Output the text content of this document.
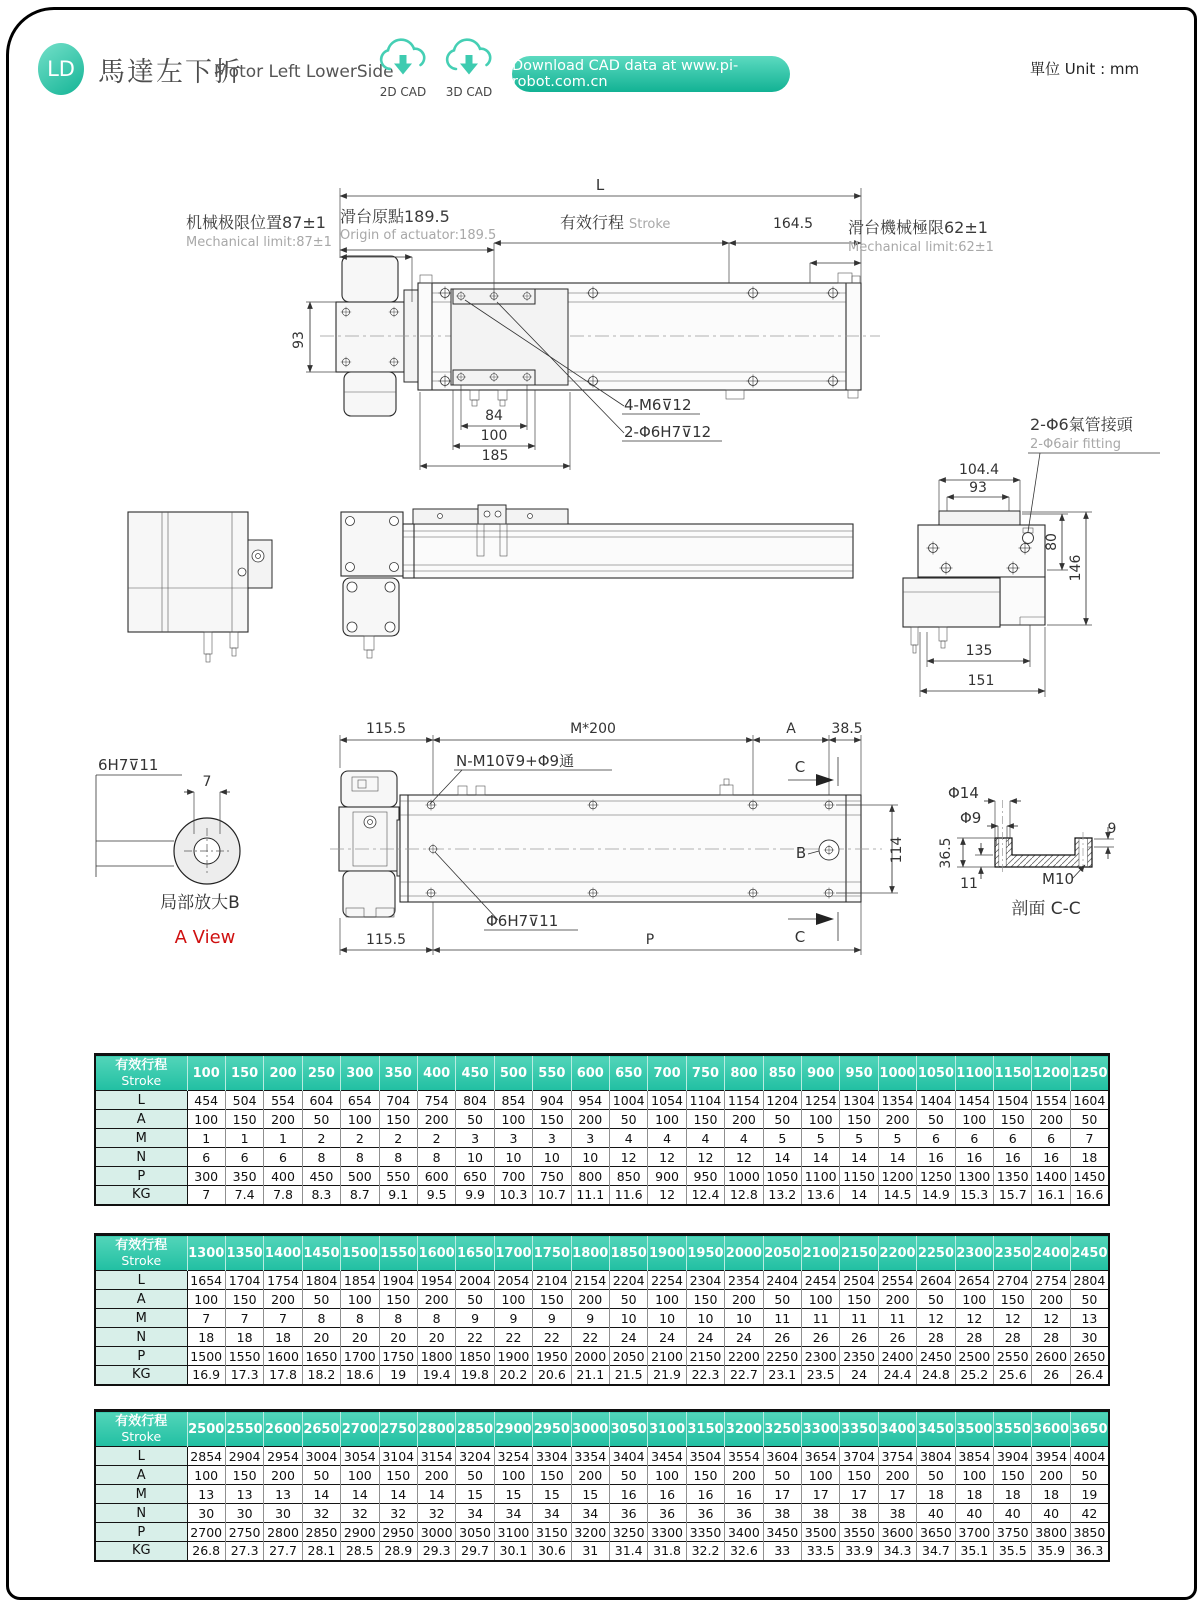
LD 馬達左下折
Motor Left LowerSide
2D CAD	3D CAD
Download CAD data at www.pi-robot.com.cn
單位 Unit : mm
L
滑台原點189.5
Origin of actuator:189.5
机械极限位置87±1
Mechanical limit:87±1
有效行程 Stroke	164.5 滑台機械極限62±1
Mechanical limit:62±1
93
84
100
185
4-M6⊽12
2-Φ6H7⊽12	2-Φ6氣管接頭
2-Φ6air fitting
104.4
93
80
146
135
151
6H7⊽11
7
局部放大B
A View
115.5	M*200	A	38.5
N-M10⊽9+Φ9通
Φ6H7⊽11
C
C
B	114
115.5	P
Φ14
Φ9
36.5
11
9
M10
剖面 C-C
有效行程
Stroke	100	150	200	250	300	350	400	450	500	550	600	650	700	750	800	850	900	950	1000	1050	1100	1150	1200	1250
L	454	504	554	604	654	704	754	804	854	904	954	1004	1054	1104	1154	1204	1254	1304	1354	1404	1454	1504	1554	1604
A	100	150	200	50	100	150	200	50	100	150	200	50	100	150	200	50	100	150	200	50	100	150	200	50
M	1	1	1	2	2	2	2	3	3	3	3	4	4	4	4	5	5	5	5	6	6	6	6	7
N	6	6	6	8	8	8	8	10	10	10	10	12	12	12	12	14	14	14	14	16	16	16	16	18
P	300	350	400	450	500	550	600	650	700	750	800	850	900	950	1000	1050	1100	1150	1200	1250	1300	1350	1400	1450
KG	7	7.4	7.8	8.3	8.7	9.1	9.5	9.9	10.3	10.7	11.1	11.6	12	12.4	12.8	13.2	13.6	14	14.5	14.9	15.3	15.7	16.1	16.6
有效行程
Stroke	1300	1350	1400	1450	1500	1550	1600	1650	1700	1750	1800	1850	1900	1950	2000	2050	2100	2150	2200	2250	2300	2350	2400	2450
L	1654	1704	1754	1804	1854	1904	1954	2004	2054	2104	2154	2204	2254	2304	2354	2404	2454	2504	2554	2604	2654	2704	2754	2804
A	100	150	200	50	100	150	200	50	100	150	200	50	100	150	200	50	100	150	200	50	100	150	200	50
M	7	7	7	8	8	8	8	9	9	9	9	10	10	10	10	11	11	11	11	12	12	12	12	13
N	18	18	18	20	20	20	20	22	22	22	22	24	24	24	24	26	26	26	26	28	28	28	28	30
P	1500	1550	1600	1650	1700	1750	1800	1850	1900	1950	2000	2050	2100	2150	2200	2250	2300	2350	2400	2450	2500	2550	2600	2650
KG	16.9	17.3	17.8	18.2	18.6	19	19.4	19.8	20.2	20.6	21.1	21.5	21.9	22.3	22.7	23.1	23.5	24	24.4	24.8	25.2	25.6	26	26.4
有效行程
Stroke	2500	2550	2600	2650	2700	2750	2800	2850	2900	2950	3000	3050	3100	3150	3200	3250	3300	3350	3400	3450	3500	3550	3600	3650
L	2854	2904	2954	3004	3054	3104	3154	3204	3254	3304	3354	3404	3454	3504	3554	3604	3654	3704	3754	3804	3854	3904	3954	4004
A	100	150	200	50	100	150	200	50	100	150	200	50	100	150	200	50	100	150	200	50	100	150	200	50
M	13	13	13	14	14	14	14	15	15	15	15	16	16	16	16	17	17	17	17	18	18	18	18	19
N	30	30	30	32	32	32	32	34	34	34	34	36	36	36	36	38	38	38	38	40	40	40	40	42
P	2700	2750	2800	2850	2900	2950	3000	3050	3100	3150	3200	3250	3300	3350	3400	3450	3500	3550	3600	3650	3700	3750	3800	3850
KG	26.8	27.3	27.7	28.1	28.5	28.9	29.3	29.7	30.1	30.6	31	31.4	31.8	32.2	32.6	33	33.5	33.9	34.3	34.7	35.1	35.5	35.9	36.3
